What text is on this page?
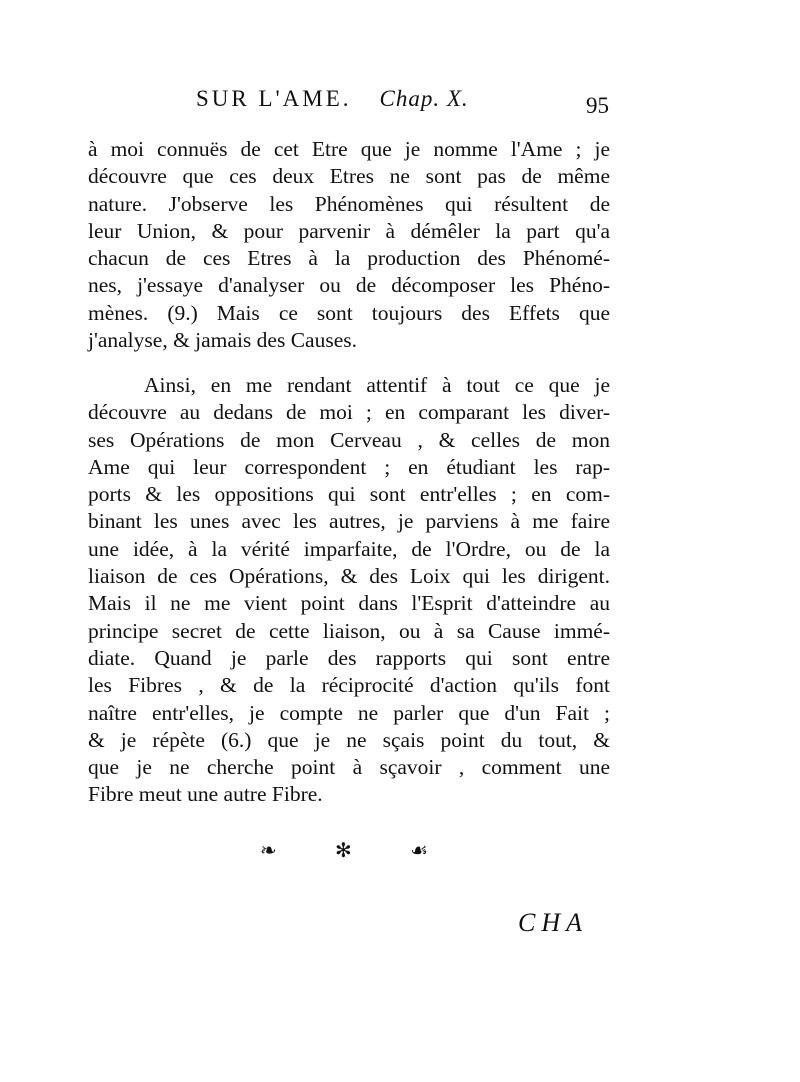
SUR L'AME. Chap. X.	95
à moi connuës de cet Etre que je nomme l'Ame ; je
découvre que ces deux Etres ne sont pas de même
nature. J'observe les Phénomènes qui résultent de
leur Union, & pour parvenir à démêler la part qu'a
chacun de ces Etres à la production des Phénomé-
nes, j'essaye d'analyser ou de décomposer les Phéno-
mènes. (9.) Mais ce sont toujours des Effets que
j'analyse, & jamais des Causes.
Ainsi, en me rendant attentif à tout ce que je
découvre au dedans de moi ; en comparant les diver-
ses Opérations de mon Cerveau , & celles de mon
Ame qui leur correspondent ; en étudiant les rap-
ports & les oppositions qui sont entr'elles ; en com-
binant les unes avec les autres, je parviens à me faire
une idée, à la vérité imparfaite, de l'Ordre, ou de la
liaison de ces Opérations, & des Loix qui les dirigent.
Mais il ne me vient point dans l'Esprit d'atteindre au
principe secret de cette liaison, ou à sa Cause immé-
diate. Quand je parle des rapports qui sont entre
les Fibres , & de la réciprocité d'action qu'ils font
naître entr'elles, je compte ne parler que d'un Fait ;
& je répète (6.) que je ne sçais point du tout, &
que je ne cherche point à sçavoir , comment une
Fibre meut une autre Fibre.
❧	✻	☙
CHA
